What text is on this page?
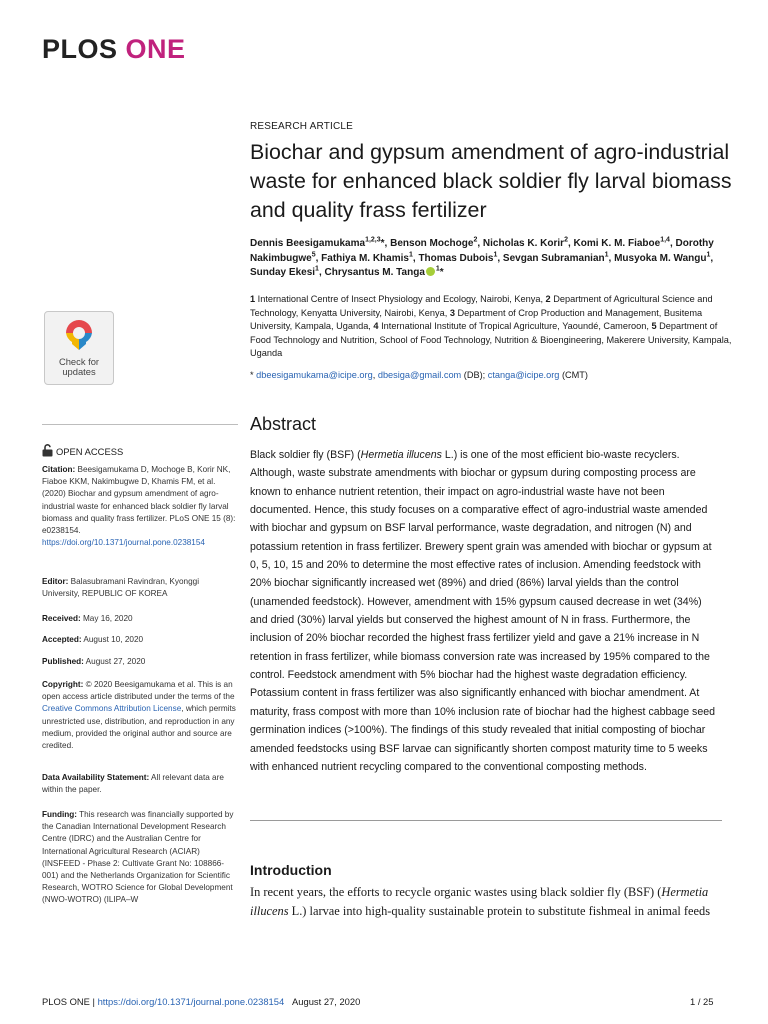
PLOS ONE
Check for updates
OPEN ACCESS
Citation: Beesigamukama D, Mochoge B, Korir NK, Fiaboe KKM, Nakimbugwe D, Khamis FM, et al. (2020) Biochar and gypsum amendment of agro-industrial waste for enhanced black soldier fly larval biomass and quality frass fertilizer. PLoS ONE 15 (8): e0238154. https://doi.org/10.1371/journal.pone.0238154
Editor: Balasubramani Ravindran, Kyonggi University, REPUBLIC OF KOREA
Received: May 16, 2020
Accepted: August 10, 2020
Published: August 27, 2020
Copyright: © 2020 Beesigamukama et al. This is an open access article distributed under the terms of the Creative Commons Attribution License, which permits unrestricted use, distribution, and reproduction in any medium, provided the original author and source are credited.
Data Availability Statement: All relevant data are within the paper.
Funding: This research was financially supported by the Canadian International Development Research Centre (IDRC) and the Australian Centre for International Agricultural Research (ACIAR) (INSFEED - Phase 2: Cultivate Grant No: 108866-001) and the Netherlands Organization for Scientific Research, WOTRO Science for Global Development (NWO-WOTRO) (ILIPA–W
RESEARCH ARTICLE
Biochar and gypsum amendment of agro-industrial waste for enhanced black soldier fly larval biomass and quality frass fertilizer
Dennis Beesigamukama$^{1,2,3}$*, Benson Mochoge$^2$, Nicholas K. Korir$^2$, Komi K. M. Fiaboe$^{1,4}$, Dorothy Nakimbugwe$^5$, Fathiya M. Khamis$^1$, Thomas Dubois$^1$, Sevgan Subramanian$^1$, Musyoka M. Wangu$^1$, Sunday Ekesi$^1$, Chrysantus M. Tanga $^1$*
1 International Centre of Insect Physiology and Ecology, Nairobi, Kenya, 2 Department of Agricultural Science and Technology, Kenyatta University, Nairobi, Kenya, 3 Department of Crop Production and Management, Busitema University, Kampala, Uganda, 4 International Institute of Tropical Agriculture, Yaoundé, Cameroon, 5 Department of Food Technology and Nutrition, School of Food Technology, Nutrition & Bioengineering, Makerere University, Kampala, Uganda
* dbeesigamukama@icipe.org, dbesiga@gmail.com (DB); ctanga@icipe.org (CMT)
Abstract
Black soldier fly (BSF) (Hermetia illucens L.) is one of the most efficient bio-waste recyclers. Although, waste substrate amendments with biochar or gypsum during composting process are known to enhance nutrient retention, their impact on agro-industrial waste have not been documented. Hence, this study focuses on a comparative effect of agro-industrial waste amended with biochar and gypsum on BSF larval performance, waste degradation, and nitrogen (N) and potassium retention in frass fertilizer. Brewery spent grain was amended with biochar or gypsum at 0, 5, 10, 15 and 20% to determine the most effective rates of inclusion. Amending feedstock with 20% biochar significantly increased wet (89%) and dried (86%) larval yields than the control (unamended feedstock). However, amendment with 15% gypsum caused decrease in wet (34%) and dried (30%) larval yields but conserved the highest amount of N in frass. Furthermore, the inclusion of 20% biochar recorded the highest frass fertilizer yield and gave a 21% increase in N retention in frass fertilizer, while biomass conversion rate was increased by 195% compared to the control. Feedstock amendment with 5% biochar had the highest waste degradation efficiency. Potassium content in frass fertilizer was also significantly enhanced with biochar amendment. At maturity, frass compost with more than 10% inclusion rate of biochar had the highest cabbage seed germination indices (>100%). The findings of this study revealed that initial composting of biochar amended feedstocks using BSF larvae can significantly shorten compost maturity time to 5 weeks with enhanced nutrient recycling compared to the conventional composting methods.
Introduction
In recent years, the efforts to recycle organic wastes using black soldier fly (BSF) (Hermetia illucens L.) larvae into high-quality sustainable protein to substitute fishmeal in animal feeds
PLOS ONE | https://doi.org/10.1371/journal.pone.0238154 August 27, 2020	1 / 25
